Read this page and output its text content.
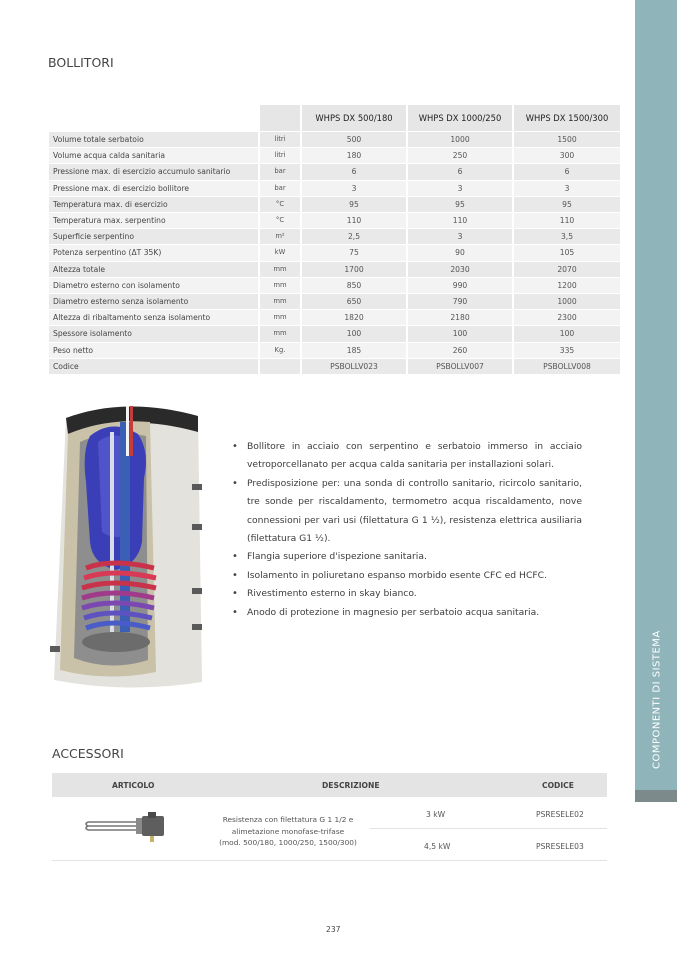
COMPONENTI DI SISTEMA
BOLLITORI
		WHPS DX 500/180	WHPS DX 1000/250	WHPS DX 1500/300
Volume totale serbatoio	litri	500	1000	1500
Volume acqua calda sanitaria	litri	180	250	300
Pressione max. di esercizio accumulo sanitario	bar	6	6	6
Pressione max. di esercizio bollitore	bar	3	3	3
Temperatura max. di esercizio	°C	95	95	95
Temperatura max. serpentino	°C	110	110	110
Superficie serpentino	m²	2,5	3	3,5
Potenza serpentino (ΔT 35K)	kW	75	90	105
Altezza totale	mm	1700	2030	2070
Diametro esterno con isolamento	mm	850	990	1200
Diametro esterno senza isolamento	mm	650	790	1000
Altezza di ribaltamento senza isolamento	mm	1820	2180	2300
Spessore isolamento	mm	100	100	100
Peso netto	Kg.	185	260	335
Codice		PSBOLLV023	PSBOLLV007	PSBOLLV008
• Bollitore in acciaio con serpentino e serbatoio immerso in acciaio vetroporcellanato per acqua calda sanitaria per installazioni solari.
• Predisposizione per: una sonda di controllo sanitario, ricircolo sanitario, tre sonde per riscaldamento, termometro acqua riscaldamento, nove connessioni per vari usi (filettatura G 1 ½), resistenza elettrica ausiliaria (filettatura G1 ½).
• Flangia superiore d'ispezione sanitaria.
• Isolamento in poliuretano espanso morbido esente CFC ed HCFC.
• Rivestimento esterno in skay bianco.
• Anodo di protezione in magnesio per serbatoio acqua sanitaria.
ACCESSORI
ARTICOLO	DESCRIZIONE	CODICE
Resistenza con filettatura G 1 1/2 e
alimetazione monofase-trifase
(mod. 500/180, 1000/250, 1500/300)
3 kW	PSRESELE02
4,5 kW	PSRESELE03
237
